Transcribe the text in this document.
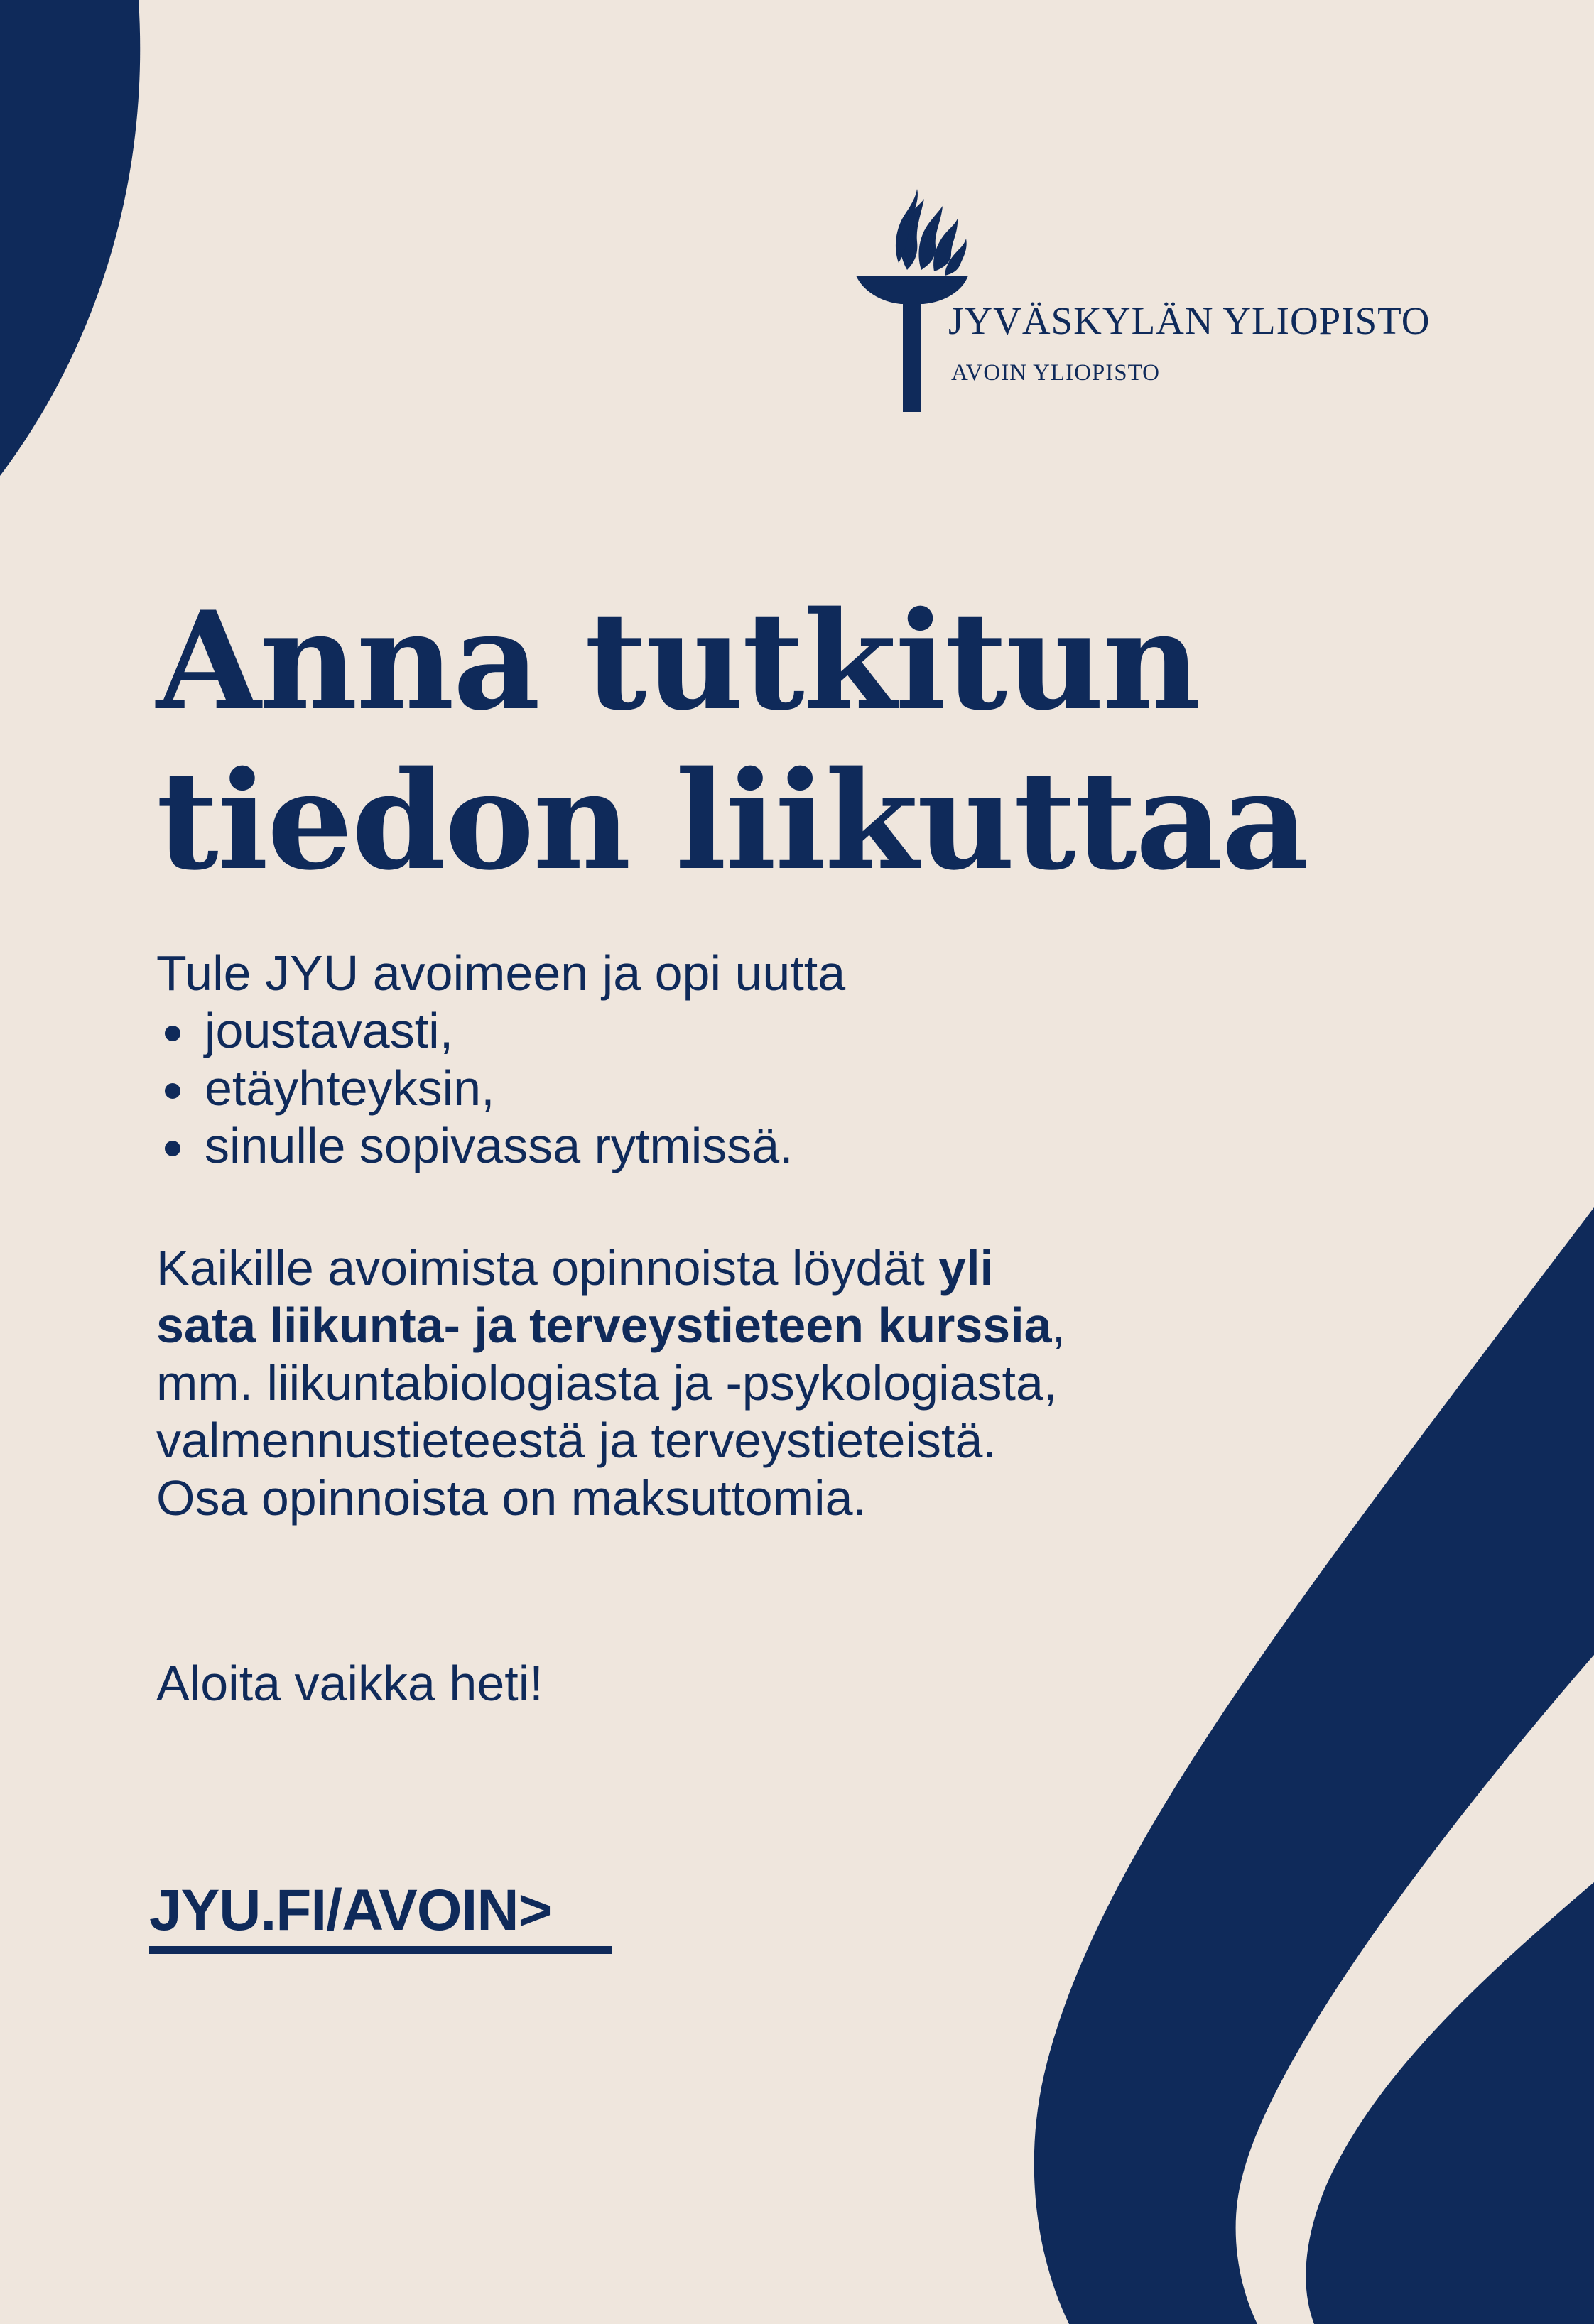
JYVÄSKYLÄN YLIOPISTO
AVOIN YLIOPISTO
Anna tutkitun
tiedon liikuttaa
Tule JYU avoimeen ja opi uutta
joustavasti,
etäyhteyksin,
sinulle sopivassa rytmissä.

Kaikille avoimista opinnoista löydät yli sata liikunta- ja terveystieteen kurssia, mm. liikuntabiologiasta ja -psykologiasta, valmennustieteestä ja terveystieteistä. Osa opinnoista on maksuttomia.

Aloita vaikka heti!
JYU.FI/AVOIN>
